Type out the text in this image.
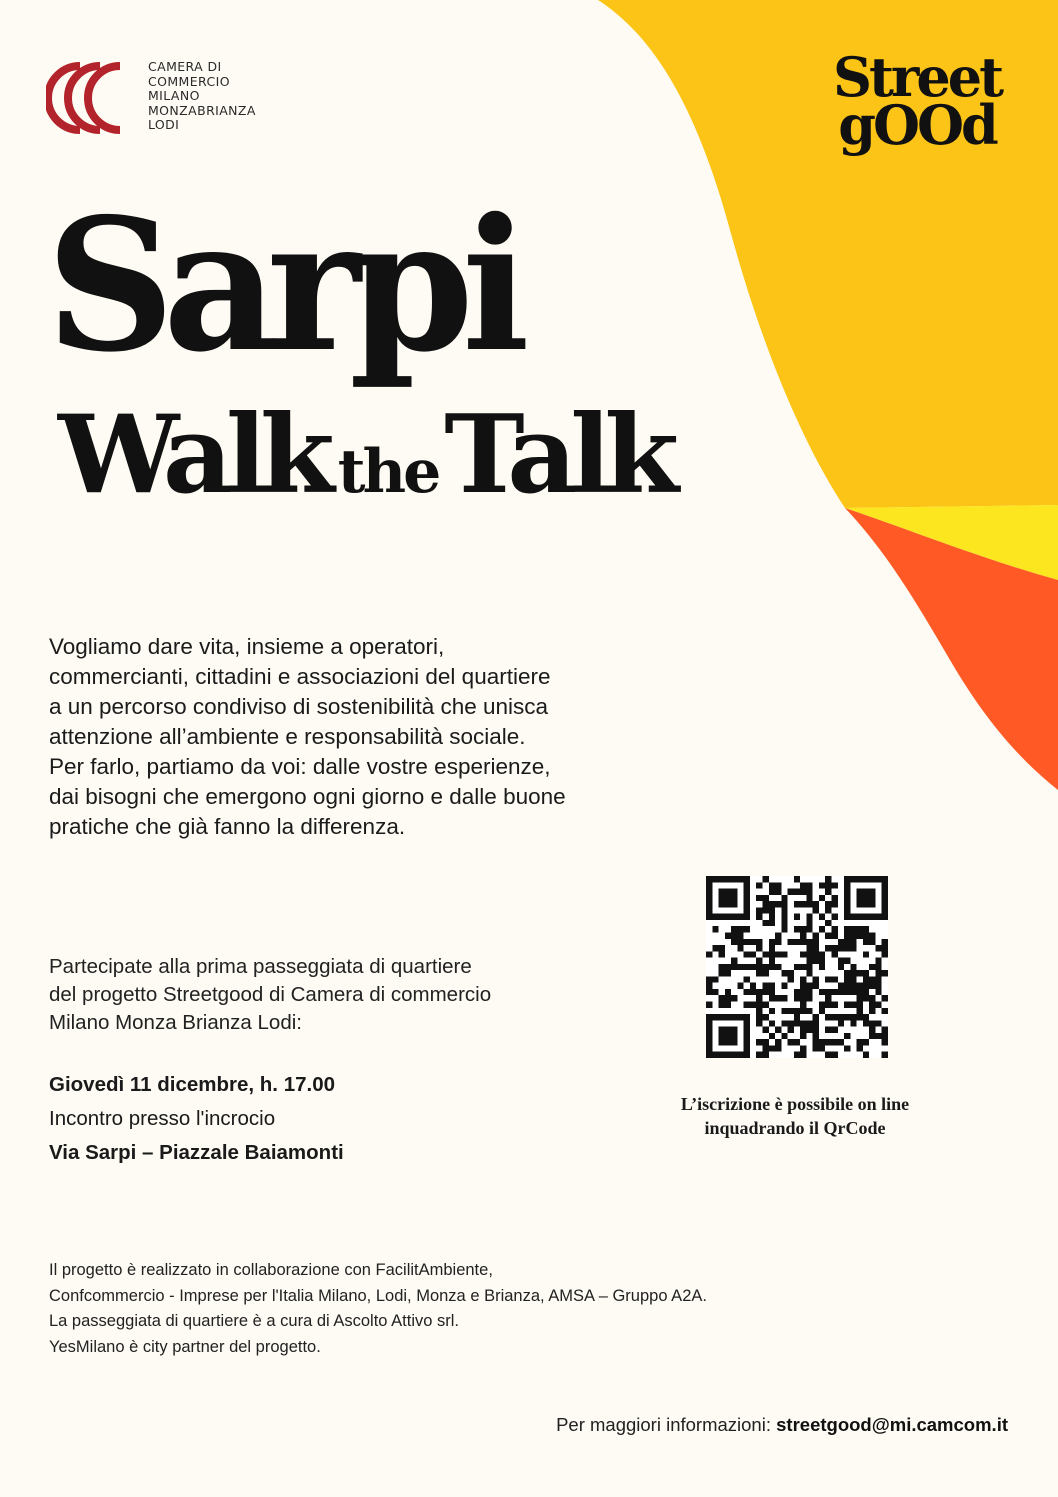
CAMERA DI
COMMERCIO
MILANO
MONZABRIANZA
LODI
Street
gOOd
Sarpi
Walk theTalk

Vogliamo dare vita, insieme a operatori,

commercianti, cittadini e associazioni del quartiere

a un percorso condiviso di sostenibilità che unisca

attenzione all’ambiente e responsabilità sociale.

Per farlo, partiamo da voi: dalle vostre esperienze,

dai bisogni che emergono ogni giorno e dalle buone

pratiche che già fanno la differenza.

Partecipate alla prima passeggiata di quartiere

del progetto Streetgood di Camera di commercio

Milano Monza Brianza Lodi:

Giovedì 11 dicembre, h. 17.00
Incontro presso l'incrocio
Via Sarpi – Piazzale Baiamonti
L’iscrizione è possibile on line
inquadrando il QrCode

Il progetto è realizzato in collaborazione con FacilitAmbiente,

Confcommercio - Imprese per l'Italia Milano, Lodi, Monza e Brianza, AMSA – Gruppo A2A.

La passeggiata di quartiere è a cura di Ascolto Attivo srl.

YesMilano è city partner del progetto.

Per maggiori informazioni: streetgood@mi.camcom.it
